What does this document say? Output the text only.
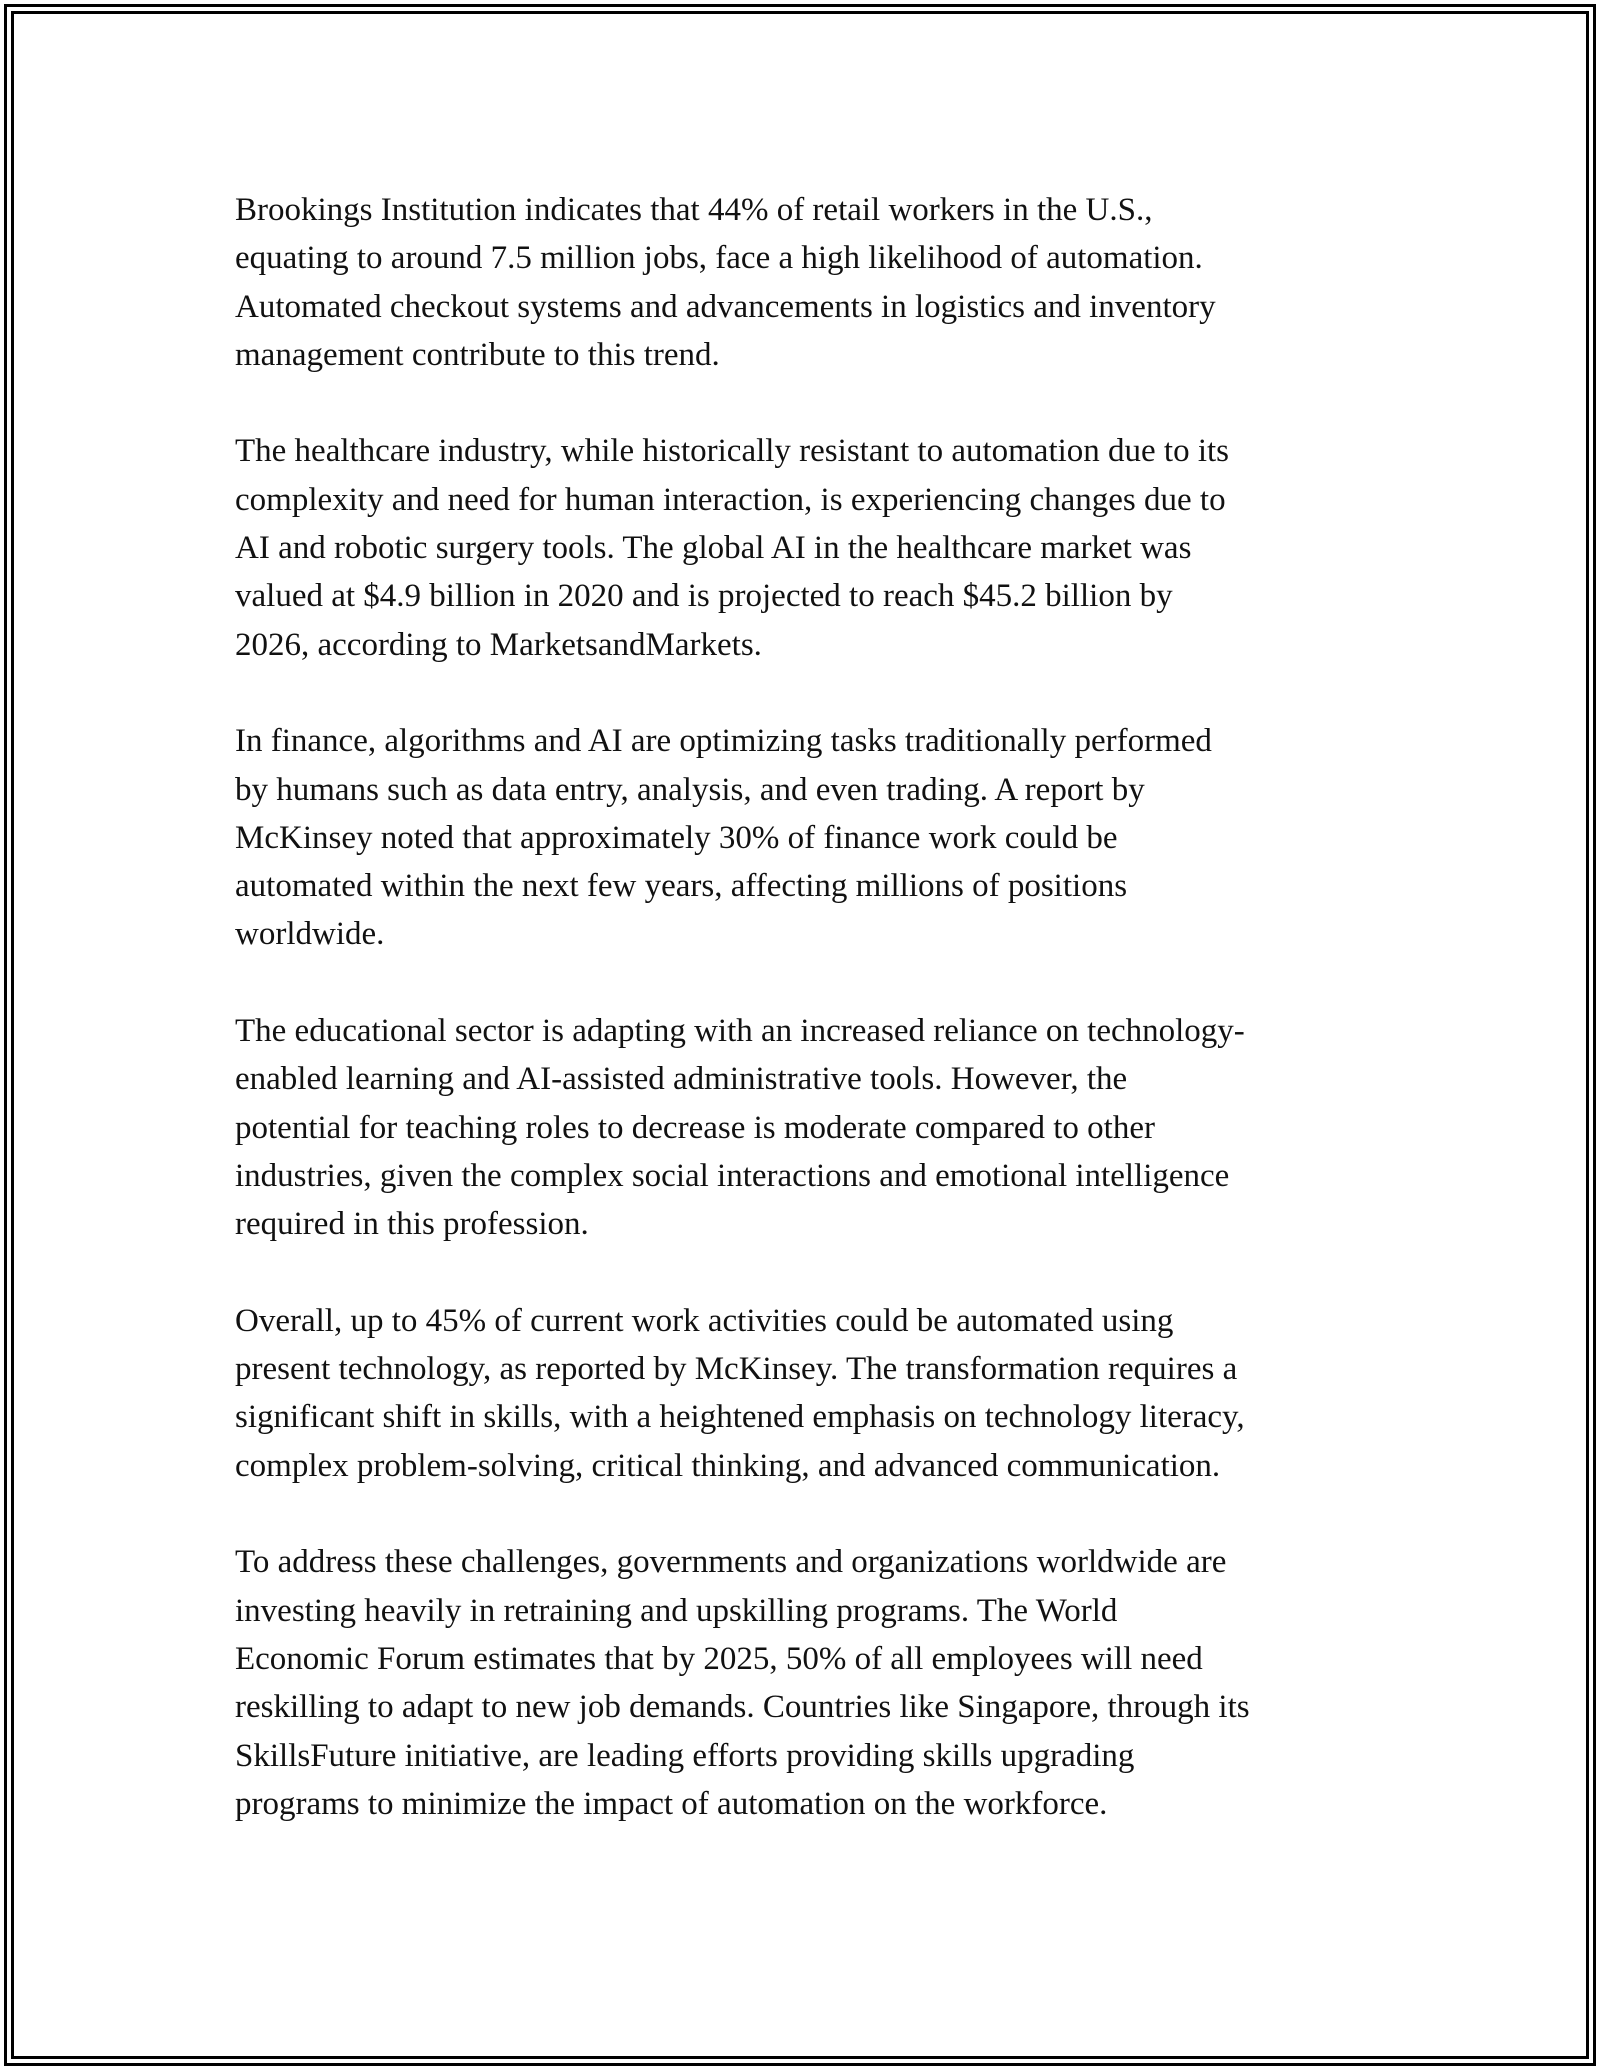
Brookings Institution indicates that 44% of retail workers in the U.S.,
equating to around 7.5 million jobs, face a high likelihood of automation.
Automated checkout systems and advancements in logistics and inventory
management contribute to this trend.

The healthcare industry, while historically resistant to automation due to its
complexity and need for human interaction, is experiencing changes due to
AI and robotic surgery tools. The global AI in the healthcare market was
valued at $4.9 billion in 2020 and is projected to reach $45.2 billion by
2026, according to MarketsandMarkets.

In finance, algorithms and AI are optimizing tasks traditionally performed
by humans such as data entry, analysis, and even trading. A report by
McKinsey noted that approximately 30% of finance work could be
automated within the next few years, affecting millions of positions
worldwide.

The educational sector is adapting with an increased reliance on technology-
enabled learning and AI-assisted administrative tools. However, the
potential for teaching roles to decrease is moderate compared to other
industries, given the complex social interactions and emotional intelligence
required in this profession.

Overall, up to 45% of current work activities could be automated using
present technology, as reported by McKinsey. The transformation requires a
significant shift in skills, with a heightened emphasis on technology literacy,
complex problem-solving, critical thinking, and advanced communication.

To address these challenges, governments and organizations worldwide are
investing heavily in retraining and upskilling programs. The World
Economic Forum estimates that by 2025, 50% of all employees will need
reskilling to adapt to new job demands. Countries like Singapore, through its
SkillsFuture initiative, are leading efforts providing skills upgrading
programs to minimize the impact of automation on the workforce.
